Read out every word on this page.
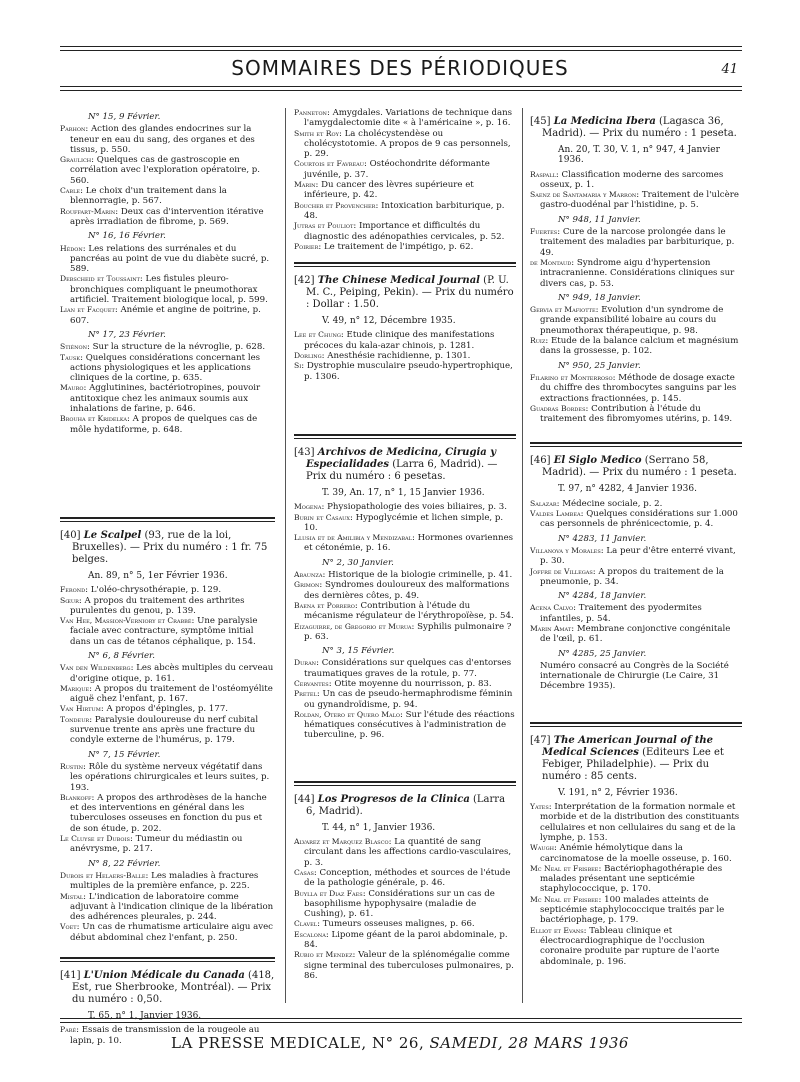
SOMMAIRES DES PÉRIODIQUES	41

N° 15, 9 Février.

Parhon: Action des glandes endocrines sur la teneur en eau du sang, des organes et des tissus, p. 550.

Graulich: Quelques cas de gastroscopie en corrélation avec l'exploration opératoire, p. 560.

Cable: Le choix d'un traitement dans la blennorragie, p. 567.

Rouffart-Marin: Deux cas d'intervention itérative après irradiation de fibrome, p. 569.

N° 16, 16 Février.

Hédon: Les relations des surrénales et du pancréas au point de vue du diabète sucré, p. 589.

Debscheid et Toussaint: Les fistules pleuro-bronchiques compliquant le pneumothorax artificiel. Traitement biologique local, p. 599.

Lian et Facquet: Anémie et angine de poitrine, p. 607.

N° 17, 23 Février.

Stiénon: Sur la structure de la névroglie, p. 628.

Tausk: Quelques considérations concernant les actions physiologiques et les applications cliniques de la cortine, p. 635.

Mauro: Agglutinines, bactériotropines, pouvoir antitoxique chez les animaux soumis aux inhalations de farine, p. 646.

Brouha et Kridelka: A propos de quelques cas de môle hydatiforme, p. 648.

[40] Le Scalpel (93, rue de la loi, Bruxelles). — Prix du numéro : 1 fr. 75 belges.

An. 89, n° 5, 1er Février 1936.

Ferond: L'oléo-chrysothérapie, p. 129.

Sœur: A propos du traitement des arthrites purulentes du genou, p. 139.

Van Hee, Massion-Verniory et Crabbé: Une paralysie faciale avec contracture, symptôme initial dans un cas de tétanos céphalique, p. 154.

N° 6, 8 Février.

Van den Wildenberg: Les abcès multiples du cerveau d'origine otique, p. 161.

Marique: A propos du traitement de l'ostéomyélite aiguë chez l'enfant, p. 167.

Van Hirtum: A propos d'épingles, p. 177.

Tondeur: Paralysie douloureuse du nerf cubital survenue trente ans après une fracture du condyle externe de l'humérus, p. 179.

N° 7, 15 Février.

Rustin: Rôle du système nerveux végétatif dans les opérations chirurgicales et leurs suites, p. 193.

Blankoff: A propos des arthrodèses de la hanche et des interventions en général dans les tuberculoses osseuses en fonction du pus et de son étude, p. 202.

Le Cluyse et Dubois: Tumeur du médiastin ou anévrysme, p. 217.

N° 8, 22 Février.

Dubois et Helaers-Balle: Les maladies à fractures multiples de la première enfance, p. 225.

Mistal: L'indication de laboratoire comme adjuvant à l'indication clinique de la libération des adhérences pleurales, p. 244.

Voet: Un cas de rhumatisme articulaire aigu avec début abdominal chez l'enfant, p. 250.

[41] L'Union Médicale du Canada (418, Est, rue Sherbrooke, Montréal). — Prix du numéro : 0,50.

T. 65, n° 1, Janvier 1936.

Paré: Essais de transmission de la rougeole au lapin, p. 10.

Panneton: Amygdales. Variations de technique dans l'amygdalectomie dite « à l'américaine », p. 16.

Smith et Roy: La cholécystendèse ou cholécystotomie. A propos de 9 cas personnels, p. 29.

Courtois et Favreau: Ostéochondrite déformante juvénile, p. 37.

Marin: Du cancer des lèvres supérieure et inférieure, p. 42.

Boucher et Provencher: Intoxication barbiturique, p. 48.

Jutras et Pouliot: Importance et difficultés du diagnostic des adénopathies cervicales, p. 52.

Poirier: Le traitement de l'impétigo, p. 62.

[42] The Chinese Medical Journal (P. U. M. C., Peiping, Pekin). — Prix du numéro : Dollar : 1.50.

V. 49, n° 12, Décembre 1935.

Lee et Chung: Etude clinique des manifestations précoces du kala-azar chinois, p. 1281.

Dorling: Anesthésie rachidienne, p. 1301.

Si: Dystrophie musculaire pseudo-hypertrophique, p. 1306.

[43] Archivos de Medicina, Cirugia y Especialidades (Larra 6, Madrid). — Prix du numéro : 6 pesetas.

T. 39, An. 17, n° 1, 15 Janvier 1936.

Mogena: Physiopathologie des voies biliaires, p. 3.

Burin et Casaux: Hypoglycémie et lichen simple, p. 10.

Llusia et de Amilibia y Mendizabal: Hormones ovariennes et cétonémie, p. 16.

N° 2, 30 Janvier.

Abaunza: Historique de la biologie criminelle, p. 41.

Grimon: Syndromes douloureux des malformations des dernières côtes, p. 49.

Baena et Porrero: Contribution à l'étude du mécanisme régulateur de l'érythropoïèse, p. 54.

Eizaguirre, de Gregorio et Murua: Syphilis pulmonaire ? p. 63.

N° 3, 15 Février.

Duran: Considérations sur quelques cas d'entorses traumatiques graves de la rotule, p. 77.

Cervantes: Otite moyenne du nourrisson, p. 83.

Pretel: Un cas de pseudo-hermaphrodisme féminin ou gynandroïdisme, p. 94.

Roldan, Otero et Quero Malo: Sur l'étude des réactions hématiques consécutives à l'administration de tuberculine, p. 96.

[44] Los Progresos de la Clinica (Larra 6, Madrid).

T. 44, n° 1, Janvier 1936.

Alvarez et Marquez Blasco: La quantité de sang circulant dans les affections cardio-vasculaires, p. 3.

Casas: Conception, méthodes et sources de l'étude de la pathologie générale, p. 46.

Buylla et Diaz Faes: Considérations sur un cas de basophilisme hypophysaire (maladie de Cushing), p. 61.

Clavel: Tumeurs osseuses malignes, p. 66.

Escalona: Lipome géant de la paroi abdominale, p. 84.

Rubio et Mendez: Valeur de la splénomégalie comme signe terminal des tuberculoses pulmonaires, p. 86.

[45] La Medicina Ibera (Lagasca 36, Madrid). — Prix du numéro : 1 peseta.

An. 20, T. 30, V. 1, n° 947, 4 Janvier 1936.

Raspall: Classification moderne des sarcomes osseux, p. 1.

Saenz de Santamaria y Marron: Traitement de l'ulcère gastro-duodénal par l'histidine, p. 5.

N° 948, 11 Janvier.

Fuertes: Cure de la narcose prolongée dans le traitement des maladies par barbiturique, p. 49.

de Montaud: Syndrome aigu d'hypertension intracranienne. Considérations cliniques sur divers cas, p. 53.

N° 949, 18 Janvier.

Gervia et Mafiotte: Evolution d'un syndrome de grande expansibilité lobaire au cours du pneumothorax thérapeutique, p. 98.

Ruiz: Etude de la balance calcium et magnésium dans la grossesse, p. 102.

N° 950, 25 Janvier.

Filarino et Monterroso: Méthode de dosage exacte du chiffre des thrombocytes sanguins par les extractions fractionnées, p. 145.

Guadras Bordes: Contribution à l'étude du traitement des fibromyomes utérins, p. 149.

[46] El Siglo Medico (Serrano 58, Madrid). — Prix du numéro : 1 peseta.

T. 97, n° 4282, 4 Janvier 1936.

Salazar: Médecine sociale, p. 2.

Valdes Lambea: Quelques considérations sur 1.000 cas personnels de phrénicectomie, p. 4.

N° 4283, 11 Janvier.

Villanova y Morales: La peur d'être enterré vivant, p. 30.

Joffre de Villegas: A propos du traitement de la pneumonie, p. 34.

N° 4284, 18 Janvier.

Acena Calvo: Traitement des pyodermites infantiles, p. 54.

Marin Amat: Membrane conjonctive congénitale de l'œil, p. 61.

N° 4285, 25 Janvier.

Numéro consacré au Congrès de la Société internationale de Chirurgie (Le Caire, 31 Décembre 1935).

[47] The American Journal of the Medical Sciences (Editeurs Lee et Febiger, Philadelphie). — Prix du numéro : 85 cents.

V. 191, n° 2, Février 1936.

Yates: Interprétation de la formation normale et morbide et de la distribution des constituants cellulaires et non cellulaires du sang et de la lymphe, p. 153.

Waugh: Anémie hémolytique dans la carcinomatose de la moelle osseuse, p. 160.

Mc Neal et Frisbee: Bactériophagothérapie des malades présentant une septicémie staphylococcique, p. 170.

Mc Neal et Frisbee: 100 malades atteints de septicémie staphylococcique traités par le bactériophage, p. 179.

Elliot et Evans: Tableau clinique et électrocardiographique de l'occlusion coronaire produite par rupture de l'aorte abdominale, p. 196.

LA PRESSE MEDICALE, N° 26, SAMEDI, 28 MARS 1936
